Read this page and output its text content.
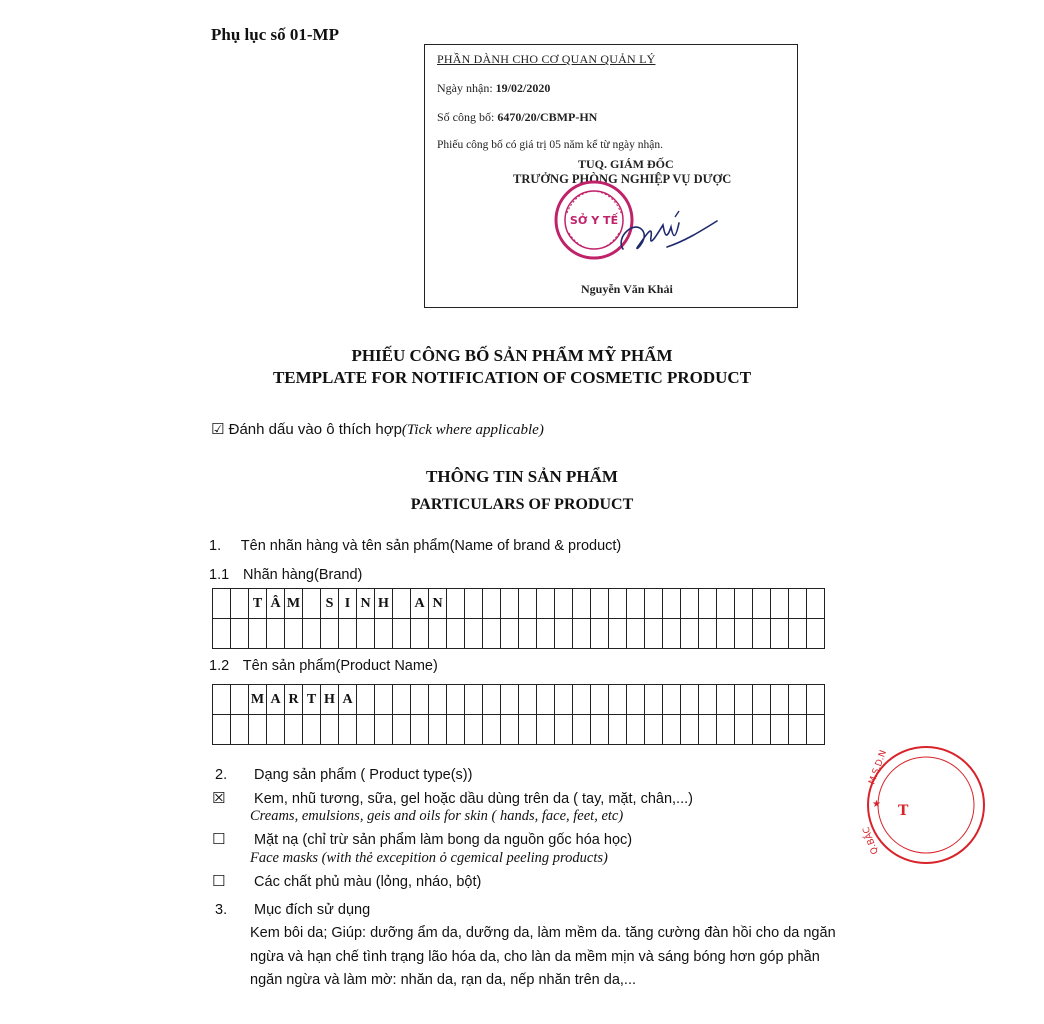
Phụ lục số 01-MP
PHẦN DÀNH CHO CƠ QUAN QUẢN LÝ
Ngày nhận: 19/02/2020
Số công bố: 6470/20/CBMP-HN
Phiếu công bố có giá trị 05 năm kể từ ngày nhận.
TUQ. GIÁM ĐỐC
TRƯỞNG PHÒNG NGHIỆP VỤ DƯỢC
SỞ Y TẾ
Nguyễn Văn Khải
PHIẾU CÔNG BỐ SẢN PHẨM MỸ PHẨM
TEMPLATE FOR NOTIFICATION OF COSMETIC PRODUCT
☑ Đánh dấu vào ô thích hợp(Tick where applicable)
THÔNG TIN SẢN PHẨM
PARTICULARS OF PRODUCT
1. Tên nhãn hàng và tên sản phẩm(Name of brand & product)
1.1 Nhãn hàng(Brand)
		T	Â	M		S	I	N	H		A	N																					

1.2 Tên sản phẩm(Product Name)
		M	A	R	T	H	A																										

2. Dạng sản phẩm ( Product type(s))
☒ Kem, nhũ tương, sữa, gel hoặc dầu dùng trên da ( tay, mặt, chân,...)
Creams, emulsions, geis and oils for skin ( hands, face, feet, etc)
☐ Mặt nạ (chỉ trừ sản phẩm làm bong da nguồn gốc hóa học)
Face masks (with thẻ excepition ỏ cgemical peeling products)
☐ Các chất phủ màu (lỏng, nháo, bột)
3. Mục đích sử dụng
Kem bôi da; Giúp: dưỡng ẩm da, dưỡng da, làm mềm da. tăng cường đàn hồi cho da ngăn ngừa và hạn chế tình trạng lão hóa da, cho làn da mềm mịn và sáng bóng hơn góp phần ngăn ngừa và làm mờ: nhăn da, rạn da, nếp nhăn trên da,...
M.S.D.N
★
Q.BẮC
T
